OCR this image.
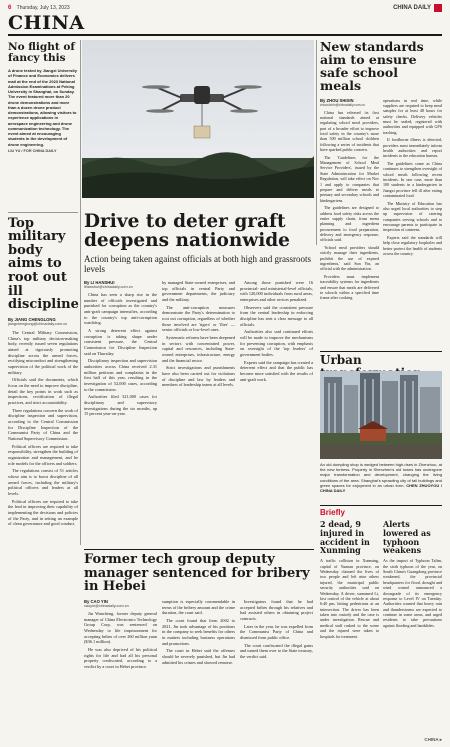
6 Thursday, July 13, 2023	CHINA DAILY
CHINA
No flight of fancy this
A drone tested by Jiangxi University of Finance and Economics delivers mail at the end of the 2023 National Admission Examinations at Peking University in Shanghai, on Sunday. The event featured more than 20 drone demonstrations and more than a dozen drone product demonstrations, allowing visitors to experience applications in aerospace engineering and drone communication technology. The event aimed at encouraging students in the development of drone engineering.
LIU YU / FOR CHINA DAILY
Top military body aims to root out ill discipline
By JIANG CHENGLONG
jiangchenglong@chinadaily.com.cn

The Central Military Commission, China's top military decision-making body, recently issued seven regulations aimed at rigorously promoting discipline across the armed forces, rectifying misconduct and strengthening supervision of the political work of the military.

Officials said the documents, which focus on the need to improve discipline, detail the key points in work such as inspections, rectification of illegal practices, and strict accountability.

Three regulations concern the work of discipline inspection and supervision, according to the Central Commission for Discipline Inspection of the Communist Party of China and the National Supervisory Commission.

Political officers are required to take responsibility, strengthen the building of organization and management, and be role models for the officers and soldiers.

The regulations consist of 51 articles whose aim is to boost discipline of all armed forces, including the military's political officers and leaders at all levels.

Political officers are required to take the lead in improving their capability of implementing the decisions and policies of the Party, and in setting an example of clean governance and good conduct.

Drive to deter graft deepens nationwide
Action being taken against officials at both high and grassroots levels
By LI HANSHUI
lihanshui@chinadaily.com.cn

China has seen a sharp rise in the number of officials investigated and punished for corruption as the country's anti-graft campaign intensifies, according to the country's top anti-corruption watchdog.

A strong deterrent effect against corruption is taking shape under consistent pressure, the Central Commission for Discipline Inspection said on Thursday.

Disciplinary inspection and supervision authorities across China received 2.31 million petitions and complaints in the first half of this year, resulting in the investigation of 52,000 cases, according to the commission.

Authorities filed 321,000 cases for disciplinary and supervisory investigations during the six months, up 15 percent year-on-year.

by managed State-owned enterprises, and top officials in central Party and government departments, the judiciary and the military.

The anti-corruption measures demonstrate the Party's determination to root out corruption, regardless of whether those involved are 'tigers' or 'flies' — senior officials or low-level ones.

Systematic reforms have been deepened in sectors with concentrated power, capital and resources, including State-owned enterprises, infrastructure, energy and the financial sector.

Strict investigations and punishments have also been carried out for violations of discipline and law by leaders and members of leadership teams at all levels.

Among those punished were 16 provincial- and ministerial-level officials, with 120,000 individuals from rural areas, enterprises and other sectors penalized.

Observers said the consistent pressure from the central leadership in enforcing discipline has sent a clear message to all officials.

Authorities also said continued efforts will be made to improve the mechanisms for preventing corruption, with emphasis on oversight of the 'top leaders' of government bodies.

Experts said the campaign has created a deterrent effect and that the public has become more satisfied with the results of anti-graft work.

Former tech group deputy manager sentenced for bribery in Hebei
By CAO YIN
caoyin@chinadaily.com.cn

Jin Wancheng, former deputy general manager of China Electronics Technology Group Corp, was sentenced on Wednesday to life imprisonment for accepting bribes of over 260 million yuan ($36.1 million).

He was also deprived of his political rights for life and had all his personal property confiscated, according to a verdict by a court in Hebei province.

sumption is especially commendable in terms of the bribery amount and the crime duration, the court said.

The court found that from 2002 to 2021, Jin took advantage of his positions in the company to seek benefits for others in matters including business operations and promotions.

The court in Hebei said the offenses should be severely punished, but Jin had admitted his crimes and showed remorse.

Investigators found that he had accepted bribes through his relatives and had assisted others in obtaining project contracts.

Later in the year, he was expelled from the Communist Party of China and dismissed from public office.

The court confiscated the illegal gains and turned them over to the State treasury, the verdict said.

New standards aim to ensure safe school meals
By ZHOU SHIXIN
zhoushixin@chinadaily.com.cn

China has released its first national standards aimed at regulating school meal providers, part of a broader effort to improve food safety in the country's more than 500 million school children following a series of incidents that have sparked public concern.

The 'Guidelines for the Management of School Meal Service Providers', issued by the State Administration for Market Regulation, will take effect on Nov 1 and apply to companies that prepare and deliver meals to primary and secondary schools and kindergartens.

The guidelines are designed to address food safety risks across the entire supply chain, from menu planning and ingredient procurement to food preparation, delivery and emergency response, officials said.

'School meal providers should strictly manage their ingredients, prohibit the use of expired ingredients,' said Sun Yin, an official with the administration.

Providers must implement traceability systems for ingredients and ensure that meals are delivered to schools within a specified time frame after cooking.

operations in real time, while suppliers are required to keep meal samples for at least 48 hours for safety checks. Delivery vehicles must be sealed, registered with authorities and equipped with GPS tracking.

If foodborne illness is detected, providers must immediately inform health authorities and report incidents to the education bureau.

The guidelines come as China continues to strengthen oversight of school meals following recent incidents. In one case, more than 100 students in a kindergarten in Jiangxi province fell ill after eating contaminated food.

The Ministry of Education has also urged local authorities to step up supervision of catering companies serving schools and to encourage parents to participate in inspection of canteens.

Experts said the standards will help close regulatory loopholes and better protect the health of students across the country.

Urban
An old dumpling shop is wedged between high-rises in Zhenzhou, at the new fortress. Property in Shenzhen's old towns has undergone major transformation and development, changing the living conditions of the area. Shanghai's sprawling city of tall buildings and green spaces for enjoyment in an urban form. CHEN ZHUOYOU / CHINA DAILY
Briefly
2 dead, 9 injured in accident in Xunming
A traffic collision in Xunming, capital of Yunnan province, on Wednesday claimed the lives of two people and left nine others injured, the municipal public security authorities said on Wednesday. A driver, surnamed Li, lost control of the vehicle at about 6:40 pm, hitting pedestrians at an intersection. The driver has been taken into custody and the case is under investigation. Rescue and medical staff rushed to the scene and the injured were taken to hospitals for treatment.
Alerts lowered as typhoon weakens
As the impact of Typhoon Talim, the sixth typhoon of the year, on South China's Guangdong province weakened, the provincial headquarters for flood, drought and wind control announced a downgrade of its emergency response to Level IV on Tuesday. Authorities warned that heavy rain and thunderstorms are expected to continue in some areas, and urged residents to take precautions against flooding and landslides.
CHINA ▸
